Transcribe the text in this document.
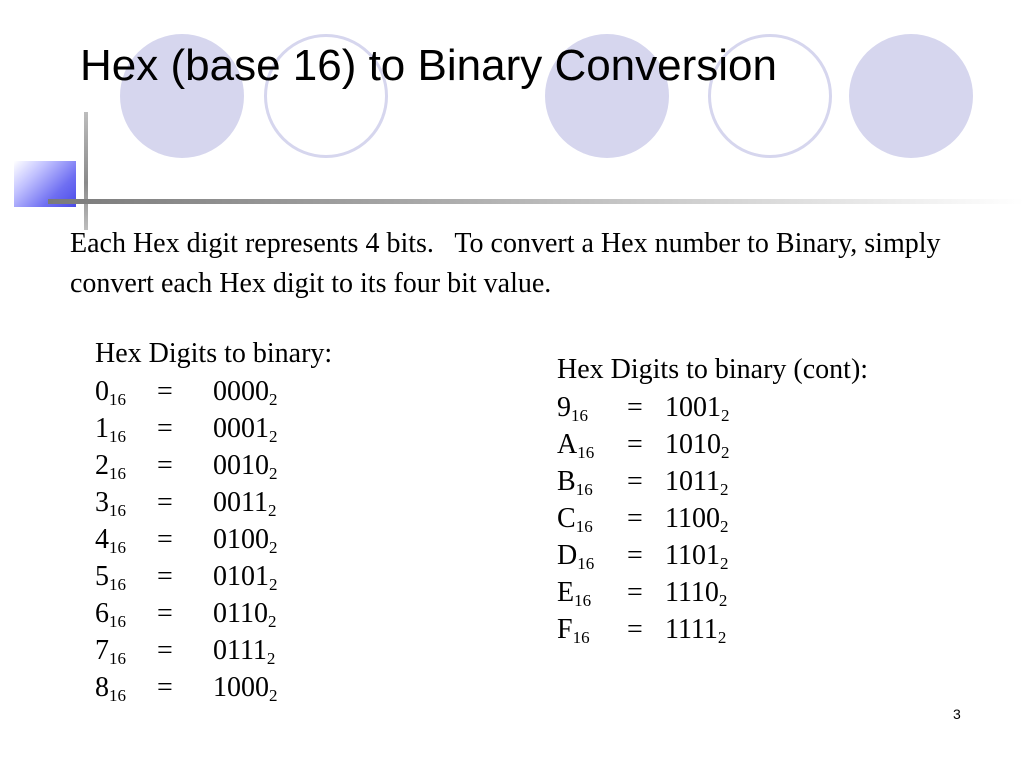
Hex (base 16) to Binary Conversion

Each Hex digit represents 4 bits.   To convert a Hex number to Binary, simply convert each Hex digit to its four bit value.

Hex Digits to binary:
$0_{16} = 0000_2$
$1_{16} = 0001_2$
$2_{16} = 0010_2$
$3_{16} = 0011_2$
$4_{16} = 0100_2$
$5_{16} = 0101_2$
$6_{16} = 0110_2$
$7_{16} = 0111_2$
$8_{16} = 1000_2$
Hex Digits to binary (cont):
$9_{16} = 1001_2$
$A_{16} = 1010_2$
$B_{16} = 1011_2$
$C_{16} = 1100_2$
$D_{16} = 1101_2$
$E_{16} = 1110_2$
$F_{16} = 1111_2$
3
